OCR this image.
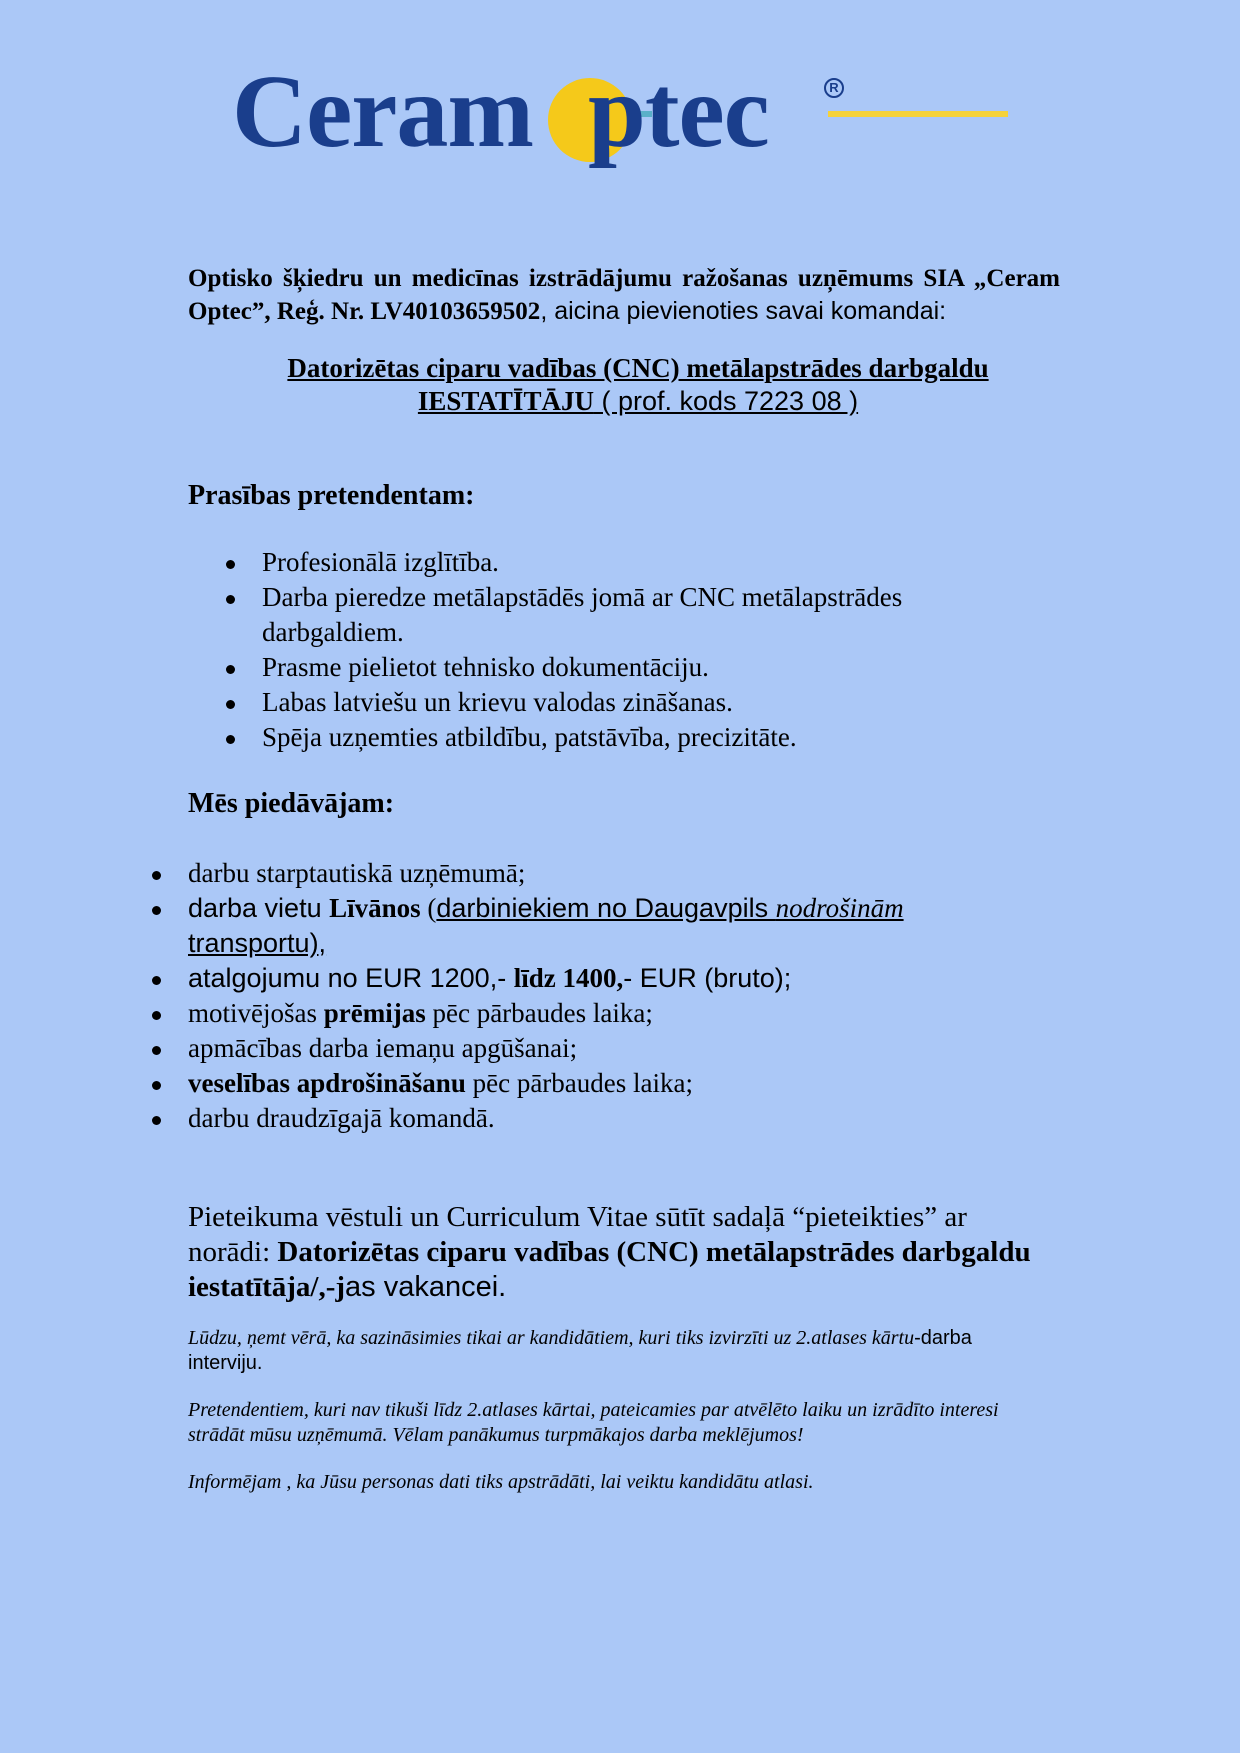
Ceram ptec	R
Optisko šķiedru un medicīnas izstrādājumu ražošanas uzņēmums SIA „Ceram Optec”, Reģ. Nr. LV40103659502, aicina pievienoties savai komandai:
Datorizētas ciparu vadības (CNC) metālapstrādes darbgaldu
IESTATĪTĀJU ( prof. kods 7223 08 )
Prasības pretendentam:
Profesionālā izglītība.
Darba pieredze metālapstādēs jomā ar CNC metālapstrādes darbgaldiem.
Prasme pielietot tehnisko dokumentāciju.
Labas latviešu un krievu valodas zināšanas.
Spēja uzņemties atbildību, patstāvība, precizitāte.
Mēs piedāvājam:
darbu starptautiskā uzņēmumā;
darba vietu Līvānos (darbiniekiem no Daugavpils nodrošinām transportu),
atalgojumu no EUR 1200,- līdz 1400,- EUR (bruto);
motivējošas prēmijas pēc pārbaudes laika;
apmācības darba iemaņu apgūšanai;
veselības apdrošināšanu pēc pārbaudes laika;
darbu draudzīgajā komandā.
Pieteikuma vēstuli un Curriculum Vitae sūtīt sadaļā “pieteikties” ar norādi: Datorizētas ciparu vadības (CNC) metālapstrādes darbgaldu iestatītāja/,-jas vakancei.
Lūdzu, ņemt vērā, ka sazināsimies tikai ar kandidātiem, kuri tiks izvirzīti uz 2.atlases kārtu-darba interviju.
Pretendentiem, kuri nav tikuši līdz 2.atlases kārtai, pateicamies par atvēlēto laiku un izrādīto interesi strādāt mūsu uzņēmumā. Vēlam panākumus turpmākajos darba meklējumos!
Informējam , ka Jūsu personas dati tiks apstrādāti, lai veiktu kandidātu atlasi.
